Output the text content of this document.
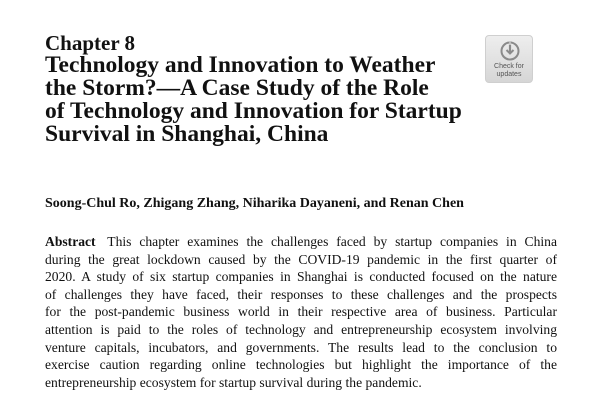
Chapter 8
Technology and Innovation to Weather
the Storm?—A Case Study of the Role
of Technology and Innovation for Startup
Survival in Shanghai, China
Soong-Chul Ro, Zhigang Zhang, Niharika Dayaneni, and Renan Chen
Abstract This chapter examines the challenges faced by startup companies in China
during the great lockdown caused by the COVID-19 pandemic in the first quarter of
2020. A study of six startup companies in Shanghai is conducted focused on the nature
of challenges they have faced, their responses to these challenges and the prospects
for the post-pandemic business world in their respective area of business. Particular
attention is paid to the roles of technology and entrepreneurship ecosystem involving
venture capitals, incubators, and governments. The results lead to the conclusion to
exercise caution regarding online technologies but highlight the importance of the
entrepreneurship ecosystem for startup survival during the pandemic.
Check for
updates
